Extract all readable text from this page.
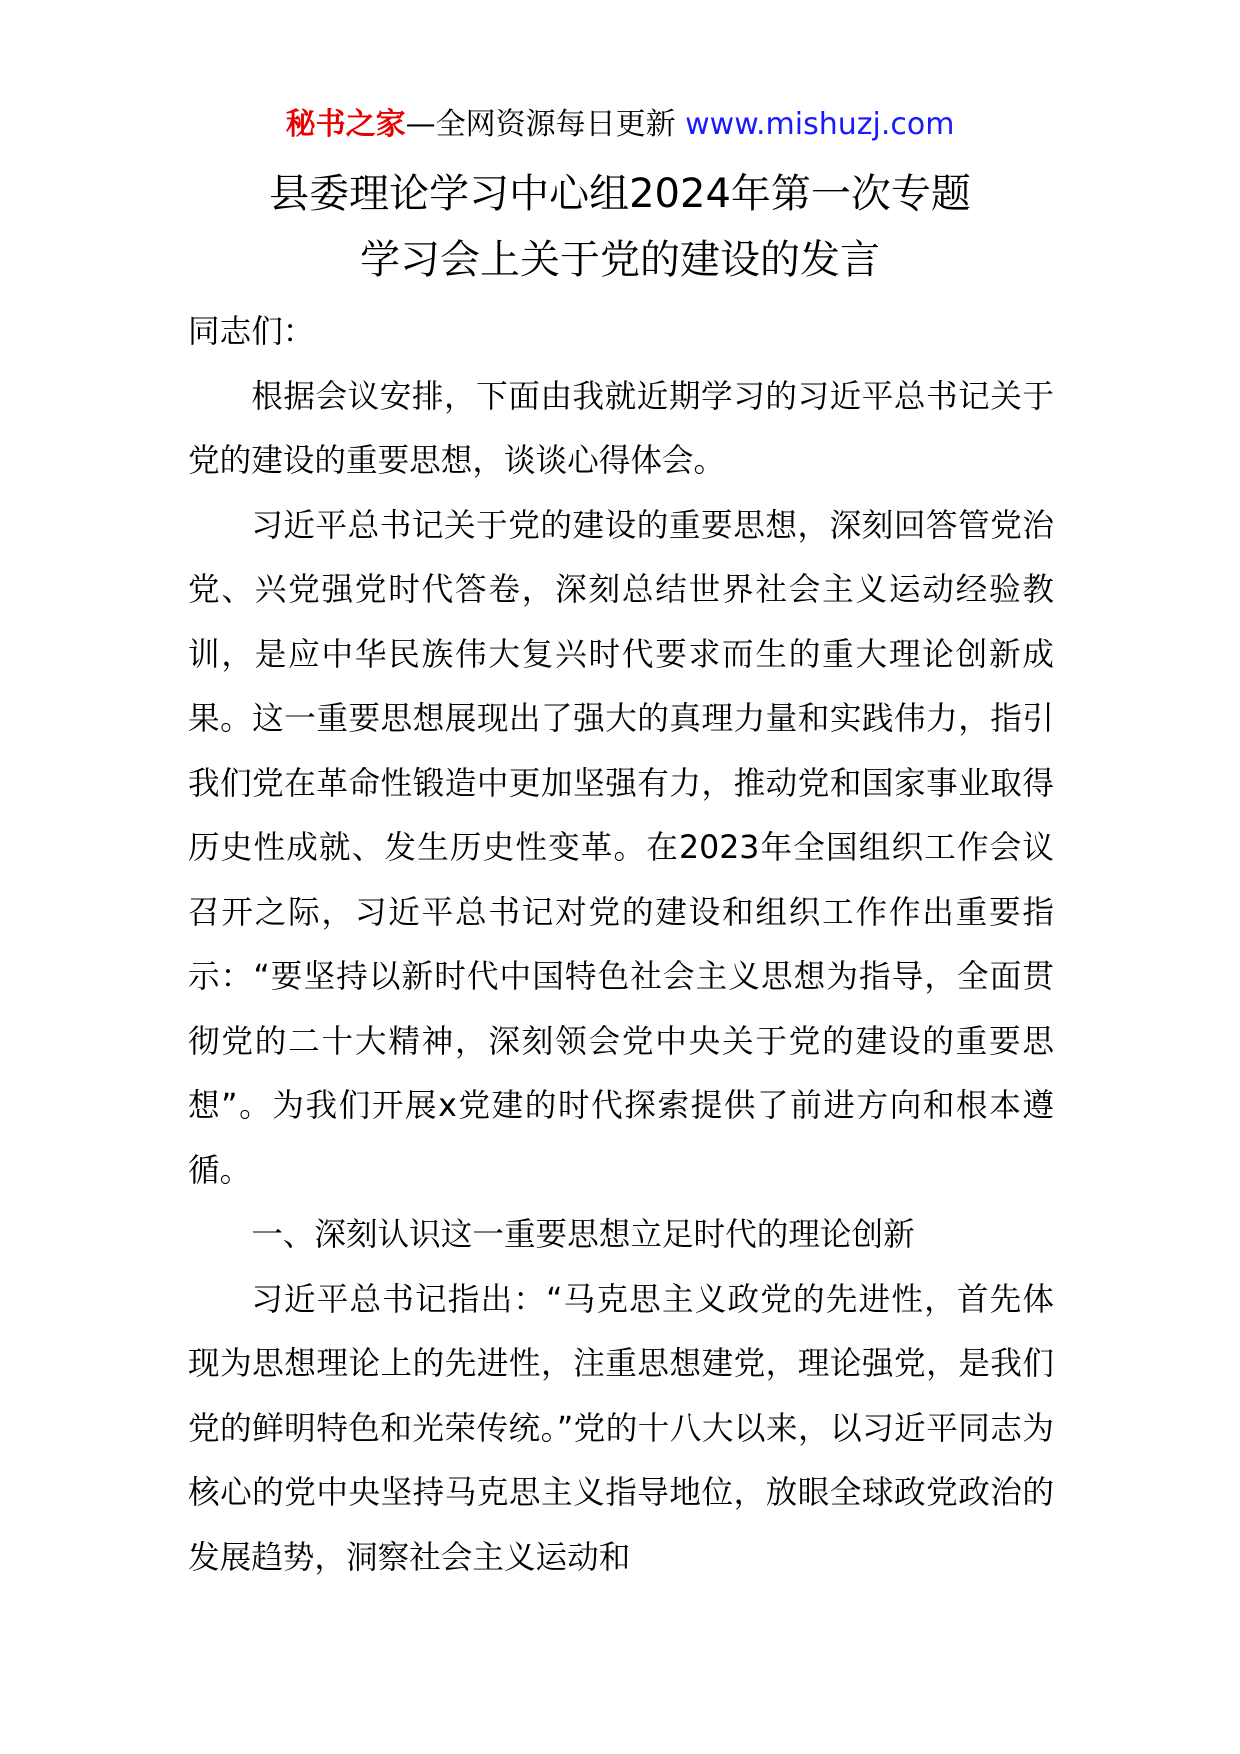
秘书之家—全网资源每日更新 www.mishuzj.com
县委理论学习中心组2024年第一次专题
学习会上关于党的建设的发言

同志们：

根据会议安排，下面由我就近期学习的习近平总书记关于党的建设的重要思想，谈谈心得体会。

习近平总书记关于党的建设的重要思想，深刻回答管党治党、兴党强党时代答卷，深刻总结世界社会主义运动经验教训，是应中华民族伟大复兴时代要求而生的重大理论创新成果。这一重要思想展现出了强大的真理力量和实践伟力，指引我们党在革命性锻造中更加坚强有力，推动党和国家事业取得历史性成就、发生历史性变革。在2023年全国组织工作会议召开之际，习近平总书记对党的建设和组织工作作出重要指示：“要坚持以新时代中国特色社会主义思想为指导，全面贯彻党的二十大精神，深刻领会党中央关于党的建设的重要思想”。为我们开展x党建的时代探索提供了前进方向和根本遵循。

一、深刻认识这一重要思想立足时代的理论创新

习近平总书记指出：“马克思主义政党的先进性，首先体现为思想理论上的先进性，注重思想建党，理论强党，是我们党的鲜明特色和光荣传统。”党的十八大以来，以习近平同志为核心的党中央坚持马克思主义指导地位，放眼全球政党政治的发展趋势，洞察社会主义运动和
